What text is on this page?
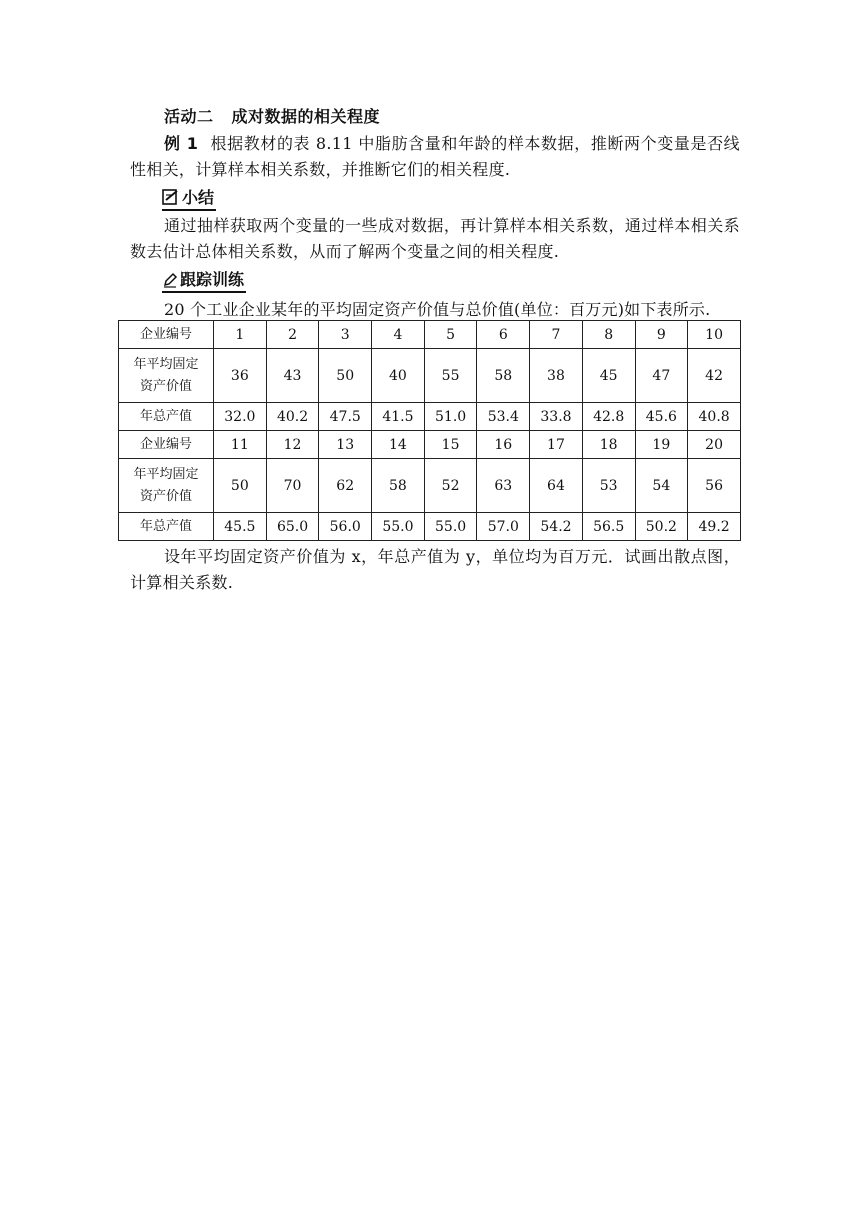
活动二 成对数据的相关程度
例 1 根据教材的表 8.11 中脂肪含量和年龄的样本数据，推断两个变量是否线性相关，计算样本相关系数，并推断它们的相关程度.
小结
通过抽样获取两个变量的一些成对数据，再计算样本相关系数，通过样本相关系数去估计总体相关系数，从而了解两个变量之间的相关程度.
跟踪训练
20 个工业企业某年的平均固定资产价值与总价值(单位：百万元)如下表所示.
企业编号	1	2	3	4	5	6	7	8	9	10
年平均固定
资产价值	36	43	50	40	55	58	38	45	47	42
年总产值	32.0	40.2	47.5	41.5	51.0	53.4	33.8	42.8	45.6	40.8
企业编号	11	12	13	14	15	16	17	18	19	20
年平均固定
资产价值	50	70	62	58	52	63	64	53	54	56
年总产值	45.5	65.0	56.0	55.0	55.0	57.0	54.2	56.5	50.2	49.2
设年平均固定资产价值为 x，年总产值为 y，单位均为百万元．试画出散点图，计算相关系数.
